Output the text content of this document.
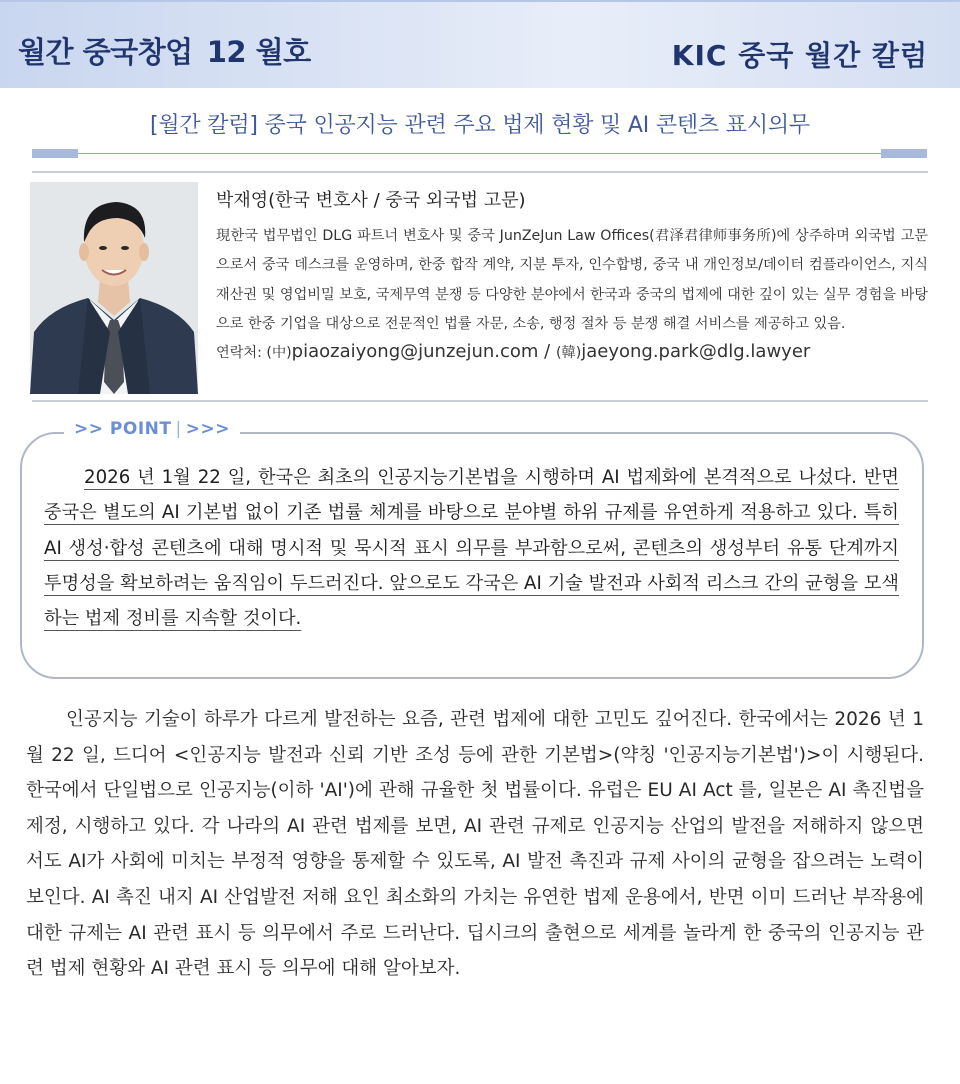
월간 중국창업 12 월호	KIC 중국 월간 칼럼
[월간 칼럼] 중국 인공지능 관련 주요 법제 현황 및 AI 콘텐츠 표시의무
박재영(한국 변호사 / 중국 외국법 고문)
現한국 법무법인 DLG 파트너 변호사 및 중국 JunZeJun Law Offices(君泽君律师事务所)에 상주하며 외국법 고문으로서 중국 데스크를 운영하며, 한중 합작 계약, 지분 투자, 인수합병, 중국 내 개인정보/데이터 컴플라이언스, 지식재산권 및 영업비밀 보호, 국제무역 분쟁 등 다양한 분야에서 한국과 중국의 법제에 대한 깊이 있는 실무 경험을 바탕으로 한중 기업을 대상으로 전문적인 법률 자문, 소송, 행정 절차 등 분쟁 해결 서비스를 제공하고 있음.
연락처: (中)piaozaiyong@junzejun.com / (韓)jaeyong.park@dlg.lawyer
>> POINT | >>>
2026 년 1월 22 일, 한국은 최초의 인공지능기본법을 시행하며 AI 법제화에 본격적으로 나섰다. 반면 중국은 별도의 AI 기본법 없이 기존 법률 체계를 바탕으로 분야별 하위 규제를 유연하게 적용하고 있다. 특히 AI 생성·합성 콘텐츠에 대해 명시적 및 묵시적 표시 의무를 부과함으로써, 콘텐츠의 생성부터 유통 단계까지 투명성을 확보하려는 움직임이 두드러진다. 앞으로도 각국은 AI 기술 발전과 사회적 리스크 간의 균형을 모색하는 법제 정비를 지속할 것이다.
인공지능 기술이 하루가 다르게 발전하는 요즘, 관련 법제에 대한 고민도 깊어진다. 한국에서는 2026 년 1월 22 일, 드디어 <인공지능 발전과 신뢰 기반 조성 등에 관한 기본법>(약칭 '인공지능기본법')>이 시행된다. 한국에서 단일법으로 인공지능(이하 'AI')에 관해 규율한 첫 법률이다. 유럽은 EU AI Act 를, 일본은 AI 촉진법을 제정, 시행하고 있다. 각 나라의 AI 관련 법제를 보면, AI 관련 규제로 인공지능 산업의 발전을 저해하지 않으면서도 AI가 사회에 미치는 부정적 영향을 통제할 수 있도록, AI 발전 촉진과 규제 사이의 균형을 잡으려는 노력이 보인다. AI 촉진 내지 AI 산업발전 저해 요인 최소화의 가치는 유연한 법제 운용에서, 반면 이미 드러난 부작용에 대한 규제는 AI 관련 표시 등 의무에서 주로 드러난다. 딥시크의 출현으로 세계를 놀라게 한 중국의 인공지능 관련 법제 현황와 AI 관련 표시 등 의무에 대해 알아보자.
